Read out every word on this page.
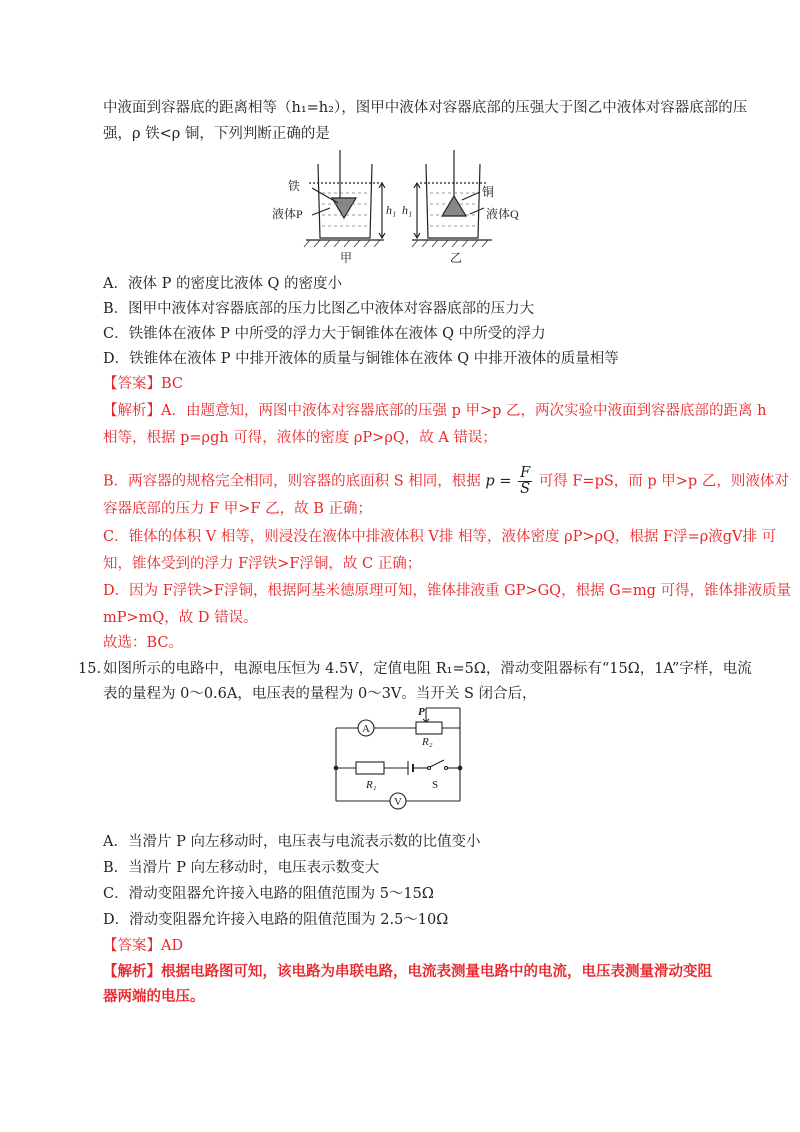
中液面到容器底的距离相等（h₁=h₂），图甲中液体对容器底部的压强大于图乙中液体对容器底部的压
强，ρ 铁<ρ 铜，下列判断正确的是
铁
液体P	h₁
铜
液体Q
h₁
甲	乙
A．液体 P 的密度比液体 Q 的密度小
B．图甲中液体对容器底部的压力比图乙中液体对容器底部的压力大
C．铁锥体在液体 P 中所受的浮力大于铜锥体在液体 Q 中所受的浮力
D．铁锥体在液体 P 中排开液体的质量与铜锥体在液体 Q 中排开液体的质量相等
【答案】BC
【解析】A．由题意知，两图中液体对容器底部的压强 p 甲>p 乙，两次实验中液面到容器底部的距离 h
相等，根据 p=ρgh 可得，液体的密度 ρP>ρQ，故 A 错误；
B．两容器的规格完全相同，则容器的底面积 S 相同，根据 $p = \frac{F}{S}$ 可得 F=pS，而 p 甲>p 乙，则液体对
容器底部的压力 F 甲>F 乙，故 B 正确；
C．锥体的体积 V 相等，则浸没在液体中排液体积 V排 相等，液体密度 ρP>ρQ，根据 F浮=ρ液gV排 可
知，锥体受到的浮力 F浮铁>F浮铜，故 C 正确；
D．因为 F浮铁>F浮铜，根据阿基米德原理可知，锥体排液重 GP>GQ，根据 G=mg 可得，锥体排液质量
mP>mQ，故 D 错误。
故选：BC。
15. 如图所示的电路中，电源电压恒为 4.5V，定值电阻 R₁=5Ω，滑动变阻器标有“15Ω，1A”字样，电流
表的量程为 0～0.6A，电压表的量程为 0～3V。当开关 S 闭合后，
A
V
P
R₂
R₁	S
A．当滑片 P 向左移动时，电压表与电流表示数的比值变小
B．当滑片 P 向左移动时，电压表示数变大
C．滑动变阻器允许接入电路的阻值范围为 5～15Ω
D．滑动变阻器允许接入电路的阻值范围为 2.5～10Ω
【答案】AD
【解析】根据电路图可知，该电路为串联电路，电流表测量电路中的电流，电压表测量滑动变阻
器两端的电压。
